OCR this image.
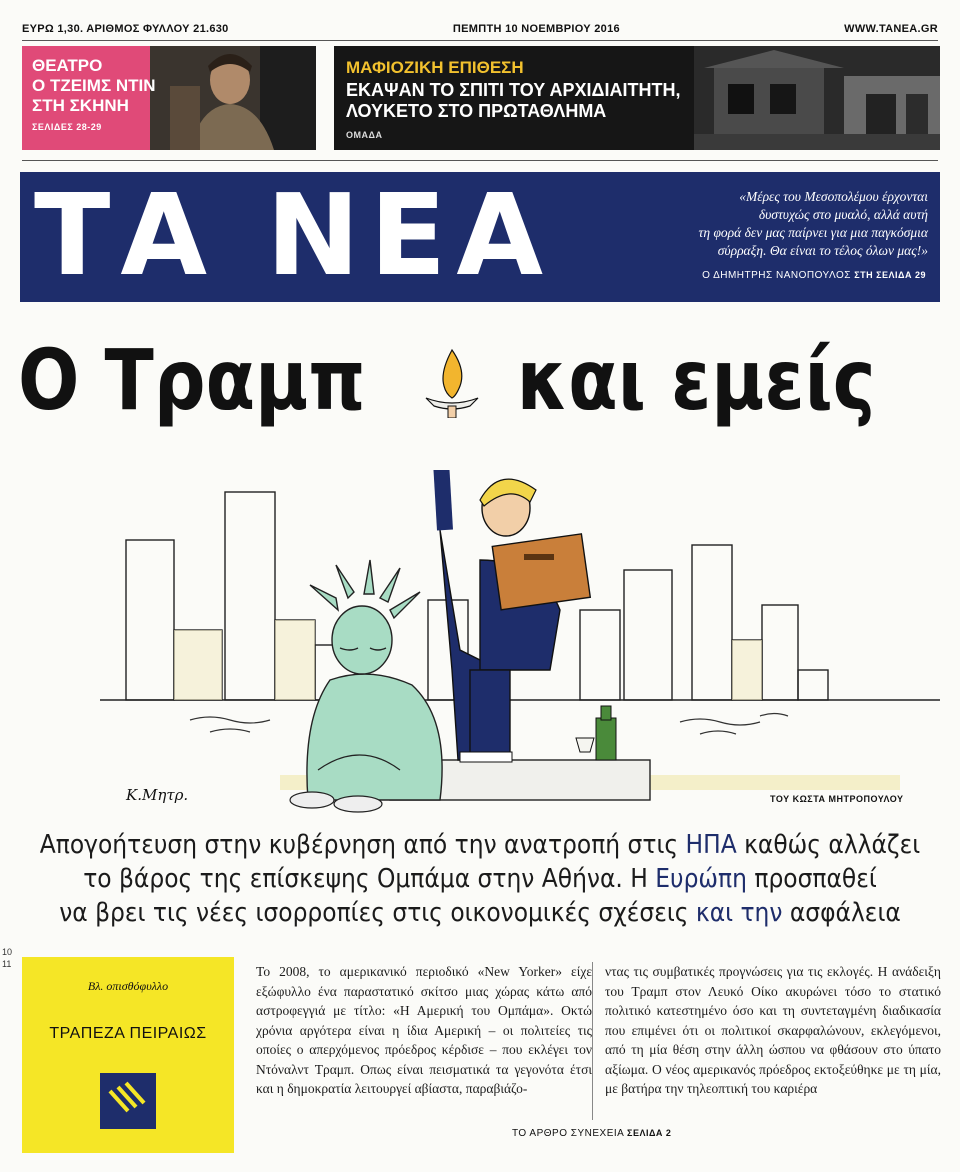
ΕΥΡΩ 1,30. ΑΡΙΘΜΟΣ ΦΥΛΛΟΥ 21.630	ΠΕΜΠΤΗ 10 ΝΟΕΜΒΡΙΟΥ 2016	WWW.TANEA.GR
ΘΕΑΤΡΟ
Ο ΤΖΕΙΜΣ ΝΤΙΝ
ΣΤΗ ΣΚΗΝΗ
ΣΕΛΙΔΕΣ 28-29
ΜΑΦΙΟΖΙΚΗ ΕΠΙΘΕΣΗ
ΕΚΑΨΑΝ ΤΟ ΣΠΙΤΙ ΤΟΥ ΑΡΧΙΔΙΑΙΤΗΤΗ,
ΛΟΥΚΕΤΟ ΣΤΟ ΠΡΩΤΑΘΛΗΜΑ
ΟΜΑΔΑ
ΤΑ ΝΕΑ	«Μέρες του Μεσοπολέμου έρχονται
δυστυχώς στο μυαλό, αλλά αυτή
τη φορά δεν μας παίρνει για μια παγκόσμια
σύρραξη. Θα είναι το τέλος όλων μας!»
Ο ΔΗΜΗΤΡΗΣ ΝΑΝΟΠΟΥΛΟΣ ΣΤΗ ΣΕΛΙΔΑ 29
Ο Τραμπ και εμείς
Κ.Μητρ.	ΤΟΥ ΚΩΣΤΑ ΜΗΤΡΟΠΟΥΛΟΥ
Απογοήτευση στην κυβέρνηση από την ανατροπή στις ΗΠΑ καθώς αλλάζει
το βάρος της επίσκεψης Ομπάμα στην Αθήνα. Η Ευρώπη προσπαθεί
να βρει τις νέες ισορροπίες στις οικονομικές σχέσεις και την ασφάλεια
10
11
Βλ. οπισθόφυλλο
ΤΡΑΠΕΖΑ ΠΕΙΡΑΙΩΣ
Το 2008, το αμερικανικό περιοδικό «New Yorker» είχε εξώφυλλο ένα παραστατικό σκίτσο μιας χώρας κάτω από αστροφεγγιά με τίτλο: «Η Αμερική του Ομπάμα». Οκτώ χρόνια αργότερα είναι η ίδια Αμερική – οι πολιτείες τις οποίες ο απερχόμενος πρόεδρος κέρδισε – που εκλέγει τον Ντόναλντ Τραμπ. Οπως είναι πεισματικά τα γεγονότα έτσι και η δημοκρατία λειτουργεί αβίαστα, παραβιάζο-
ντας τις συμβατικές προγνώσεις για τις εκλογές. Η ανάδειξη του Τραμπ στον Λευκό Οίκο ακυρώνει τόσο το στατικό πολιτικό κατεστημένο όσο και τη συντεταγμένη διαδικασία που επιμένει ότι οι πολιτικοί σκαρφαλώνουν, εκλεγόμενοι, από τη μία θέση στην άλλη ώσπου να φθάσουν στο ύπατο αξίωμα. Ο νέος αμερικανός πρόεδρος εκτοξεύθηκε με τη μία, με βατήρα την τηλεοπτική του καριέρα
ΤΟ ΑΡΘΡΟ ΣΥΝΕΧΕΙΑ ΣΕΛΙΔΑ 2
